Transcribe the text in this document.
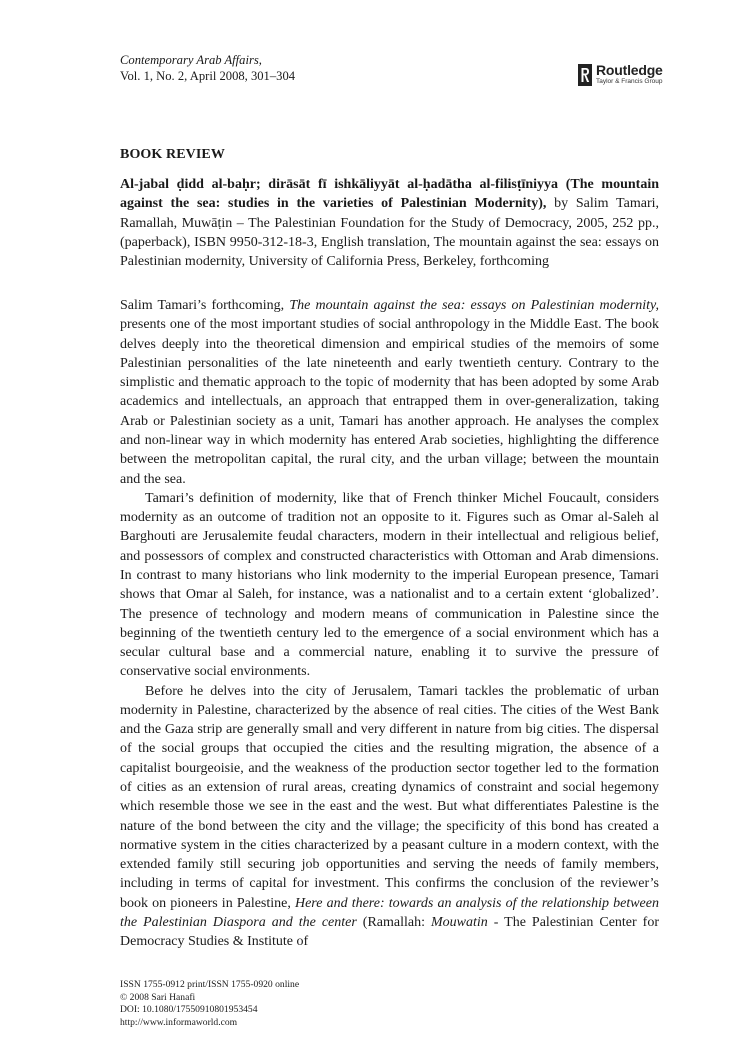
Contemporary Arab Affairs,
Vol. 1, No. 2, April 2008, 301–304	Routledge
Taylor & Francis Group
BOOK REVIEW
Al-jabal ḍidd al-baḥr; dirāsāt fī ishkāliyyāt al-ḥadātha al-filisṭīniyya (The mountain against the sea: studies in the varieties of Palestinian Modernity), by Salim Tamari, Ramallah, Muwāṭin – The Palestinian Foundation for the Study of Democracy, 2005, 252 pp., (paperback), ISBN 9950-312-18-3, English translation, The mountain against the sea: essays on Palestinian modernity, University of California Press, Berkeley, forthcoming

Salim Tamari’s forthcoming, The mountain against the sea: essays on Palestinian modernity, presents one of the most important studies of social anthropology in the Middle East. The book delves deeply into the theoretical dimension and empirical studies of the memoirs of some Palestinian personalities of the late nineteenth and early twentieth century. Contrary to the simplistic and thematic approach to the topic of modernity that has been adopted by some Arab academics and intellectuals, an approach that entrapped them in over-generalization, taking Arab or Palestinian society as a unit, Tamari has another approach. He analyses the complex and non-linear way in which modernity has entered Arab societies, highlighting the difference between the metropolitan capital, the rural city, and the urban village; between the mountain and the sea.

Tamari’s definition of modernity, like that of French thinker Michel Foucault, considers modernity as an outcome of tradition not an opposite to it. Figures such as Omar al-Saleh al Barghouti are Jerusalemite feudal characters, modern in their intellectual and religious belief, and possessors of complex and constructed characteristics with Ottoman and Arab dimensions. In contrast to many historians who link modernity to the imperial European presence, Tamari shows that Omar al Saleh, for instance, was a nationalist and to a certain extent ‘globalized’. The presence of technology and modern means of communication in Palestine since the beginning of the twentieth century led to the emergence of a social environment which has a secular cultural base and a commercial nature, enabling it to survive the pressure of conservative social environments.

Before he delves into the city of Jerusalem, Tamari tackles the problematic of urban modernity in Palestine, characterized by the absence of real cities. The cities of the West Bank and the Gaza strip are generally small and very different in nature from big cities. The dispersal of the social groups that occupied the cities and the resulting migration, the absence of a capitalist bourgeoisie, and the weakness of the production sector together led to the formation of cities as an extension of rural areas, creating dynamics of constraint and social hegemony which resemble those we see in the east and the west. But what differentiates Palestine is the nature of the bond between the city and the village; the specificity of this bond has created a normative system in the cities characterized by a peasant culture in a modern context, with the extended family still securing job opportunities and serving the needs of family members, including in terms of capital for investment. This confirms the conclusion of the reviewer’s book on pioneers in Palestine, Here and there: towards an analysis of the relationship between the Palestinian Diaspora and the center (Ramallah: Mouwatin - The Palestinian Center for Democracy Studies & Institute of

ISSN 1755-0912 print/ISSN 1755-0920 online
© 2008 Sari Hanafi
DOI: 10.1080/17550910801953454
http://www.informaworld.com
